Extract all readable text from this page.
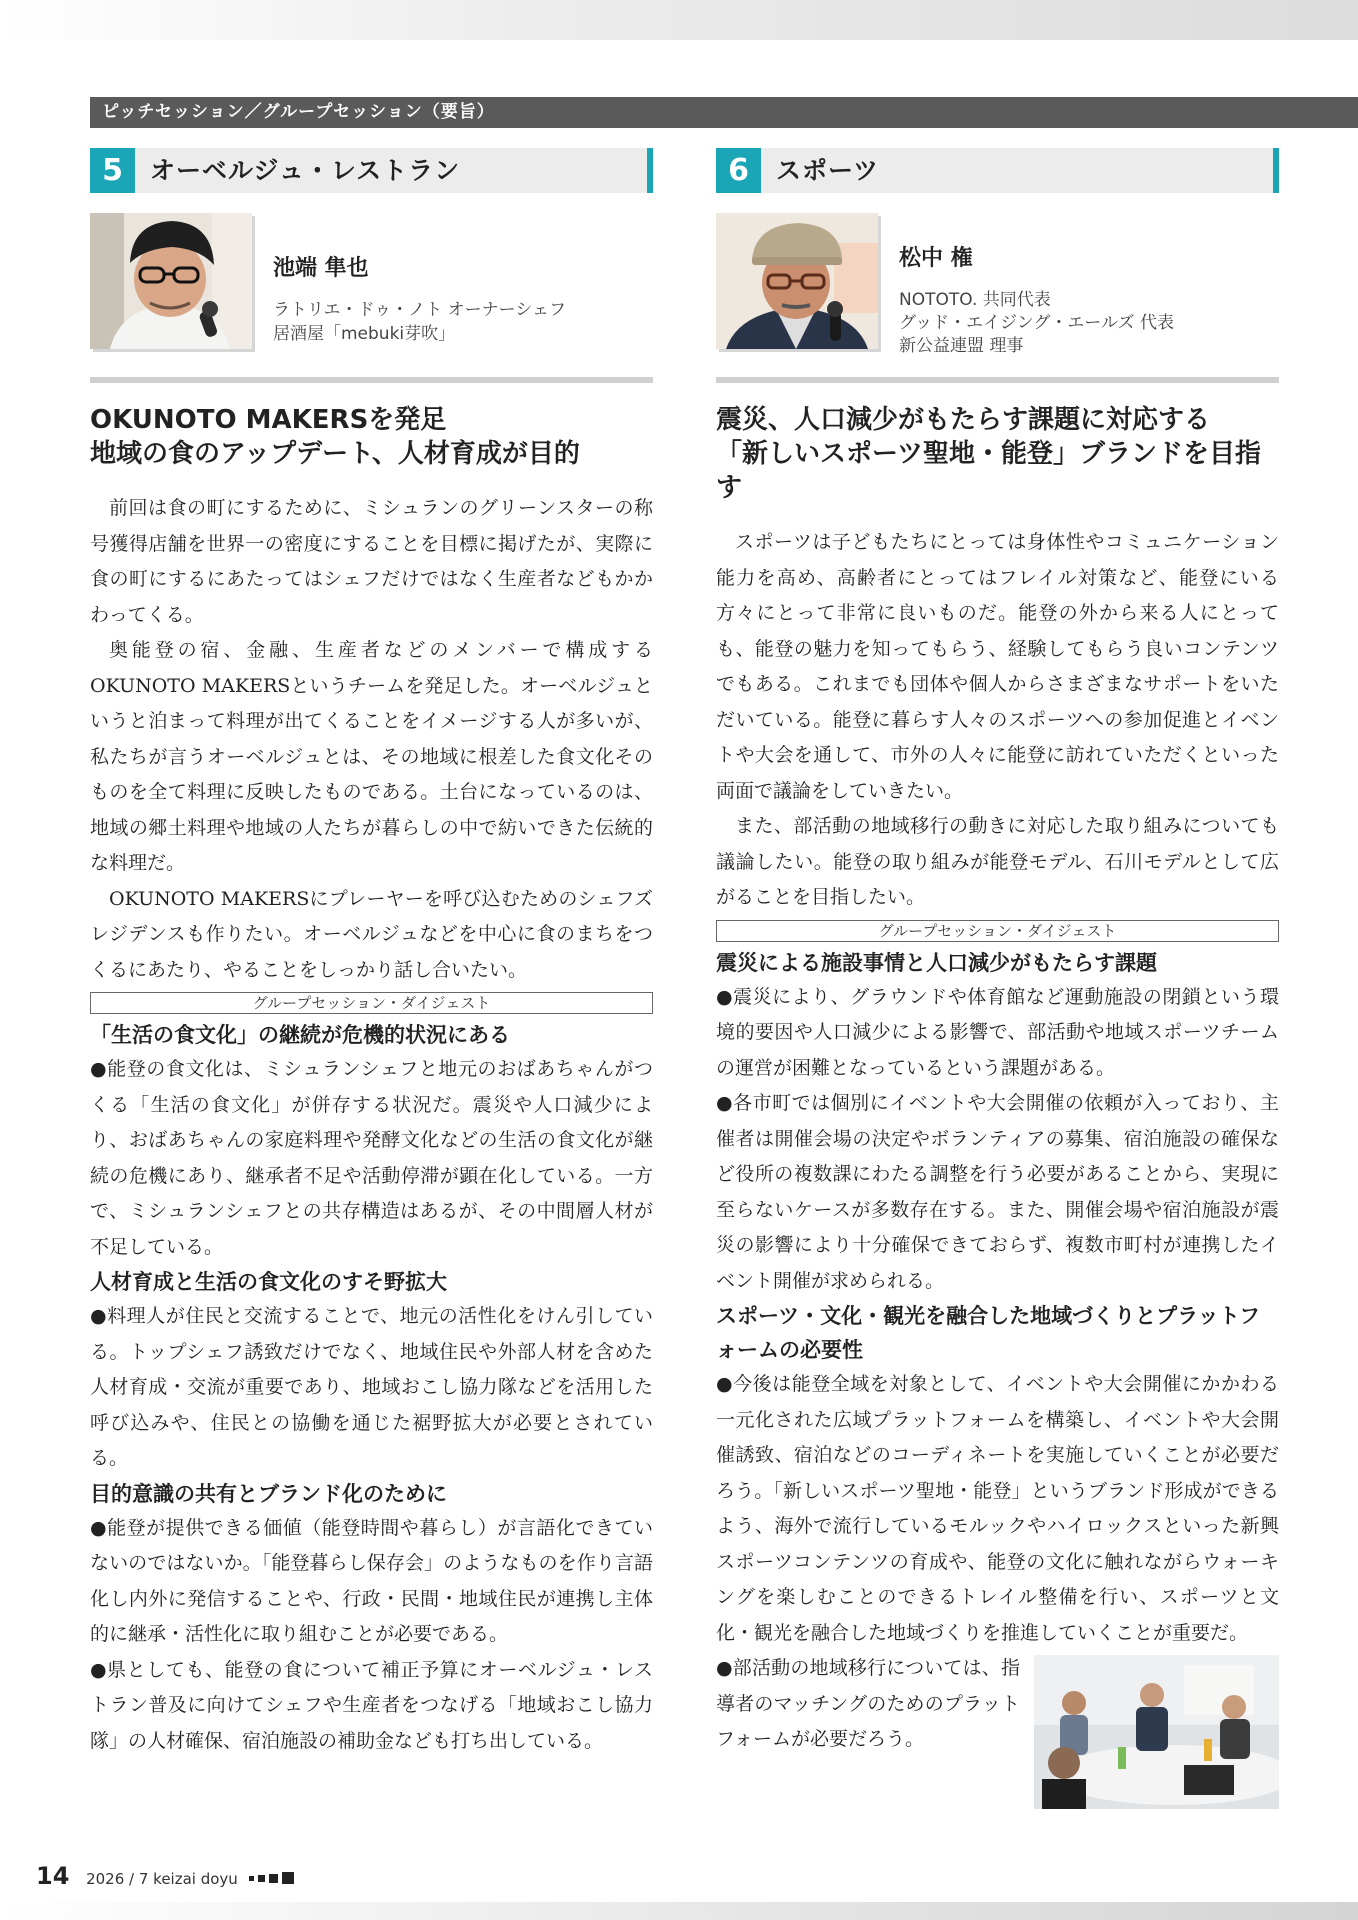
ピッチセッション／グループセッション（要旨）
5	オーベルジュ・レストラン
池端 隼也
ラトリエ・ドゥ・ノト オーナーシェフ
居酒屋「mebuki芽吹」
OKUNOTO MAKERSを発足
地域の食のアップデート、人材育成が目的

前回は食の町にするために、ミシュランのグリーンスターの称号獲得店舗を世界一の密度にすることを目標に掲げたが、実際に食の町にするにあたってはシェフだけではなく生産者などもかかわってくる。

奥能登の宿、金融、生産者などのメンバーで構成するOKUNOTO MAKERSというチームを発足した。オーベルジュというと泊まって料理が出てくることをイメージする人が多いが、私たちが言うオーベルジュとは、その地域に根差した食文化そのものを全て料理に反映したものである。土台になっているのは、地域の郷土料理や地域の人たちが暮らしの中で紡いできた伝統的な料理だ。

OKUNOTO MAKERSにプレーヤーを呼び込むためのシェフズレジデンスも作りたい。オーベルジュなどを中心に食のまちをつくるにあたり、やることをしっかり話し合いたい。

グループセッション・ダイジェスト
「生活の食文化」の継続が危機的状況にある
●能登の食文化は、ミシュランシェフと地元のおばあちゃんがつくる「生活の食文化」が併存する状況だ。震災や人口減少により、おばあちゃんの家庭料理や発酵文化などの生活の食文化が継続の危機にあり、継承者不足や活動停滞が顕在化している。一方で、ミシュランシェフとの共存構造はあるが、その中間層人材が不足している。
人材育成と生活の食文化のすそ野拡大
●料理人が住民と交流することで、地元の活性化をけん引している。トップシェフ誘致だけでなく、地域住民や外部人材を含めた人材育成・交流が重要であり、地域おこし協力隊などを活用した呼び込みや、住民との協働を通じた裾野拡大が必要とされている。
目的意識の共有とブランド化のために
●能登が提供できる価値（能登時間や暮らし）が言語化できていないのではないか。「能登暮らし保存会」のようなものを作り言語化し内外に発信することや、行政・民間・地域住民が連携し主体的に継承・活性化に取り組むことが必要である。
●県としても、能登の食について補正予算にオーベルジュ・レストラン普及に向けてシェフや生産者をつなげる「地域おこし協力隊」の人材確保、宿泊施設の補助金なども打ち出している。
6	スポーツ
松中 権
NOTOTO. 共同代表
グッド・エイジング・エールズ 代表
新公益連盟 理事
震災、人口減少がもたらす課題に対応する
「新しいスポーツ聖地・能登」ブランドを目指す

スポーツは子どもたちにとっては身体性やコミュニケーション能力を高め、高齢者にとってはフレイル対策など、能登にいる方々にとって非常に良いものだ。能登の外から来る人にとっても、能登の魅力を知ってもらう、経験してもらう良いコンテンツでもある。これまでも団体や個人からさまざまなサポートをいただいている。能登に暮らす人々のスポーツへの参加促進とイベントや大会を通して、市外の人々に能登に訪れていただくといった両面で議論をしていきたい。

また、部活動の地域移行の動きに対応した取り組みについても議論したい。能登の取り組みが能登モデル、石川モデルとして広がることを目指したい。

グループセッション・ダイジェスト
震災による施設事情と人口減少がもたらす課題
●震災により、グラウンドや体育館など運動施設の閉鎖という環境的要因や人口減少による影響で、部活動や地域スポーツチームの運営が困難となっているという課題がある。
●各市町では個別にイベントや大会開催の依頼が入っており、主催者は開催会場の決定やボランティアの募集、宿泊施設の確保など役所の複数課にわたる調整を行う必要があることから、実現に至らないケースが多数存在する。また、開催会場や宿泊施設が震災の影響により十分確保できておらず、複数市町村が連携したイベント開催が求められる。
スポーツ・文化・観光を融合した地域づくりとプラットフォームの必要性
●今後は能登全域を対象として、イベントや大会開催にかかわる一元化された広域プラットフォームを構築し、イベントや大会開催誘致、宿泊などのコーディネートを実施していくことが必要だろう。「新しいスポーツ聖地・能登」というブランド形成ができるよう、海外で流行しているモルックやハイロックスといった新興スポーツコンテンツの育成や、能登の文化に触れながらウォーキングを楽しむことのできるトレイル整備を行い、スポーツと文化・観光を融合した地域づくりを推進していくことが重要だ。
●部活動の地域移行については、指導者のマッチングのためのプラットフォームが必要だろう。
14 2026 / 7 keizai doyu
